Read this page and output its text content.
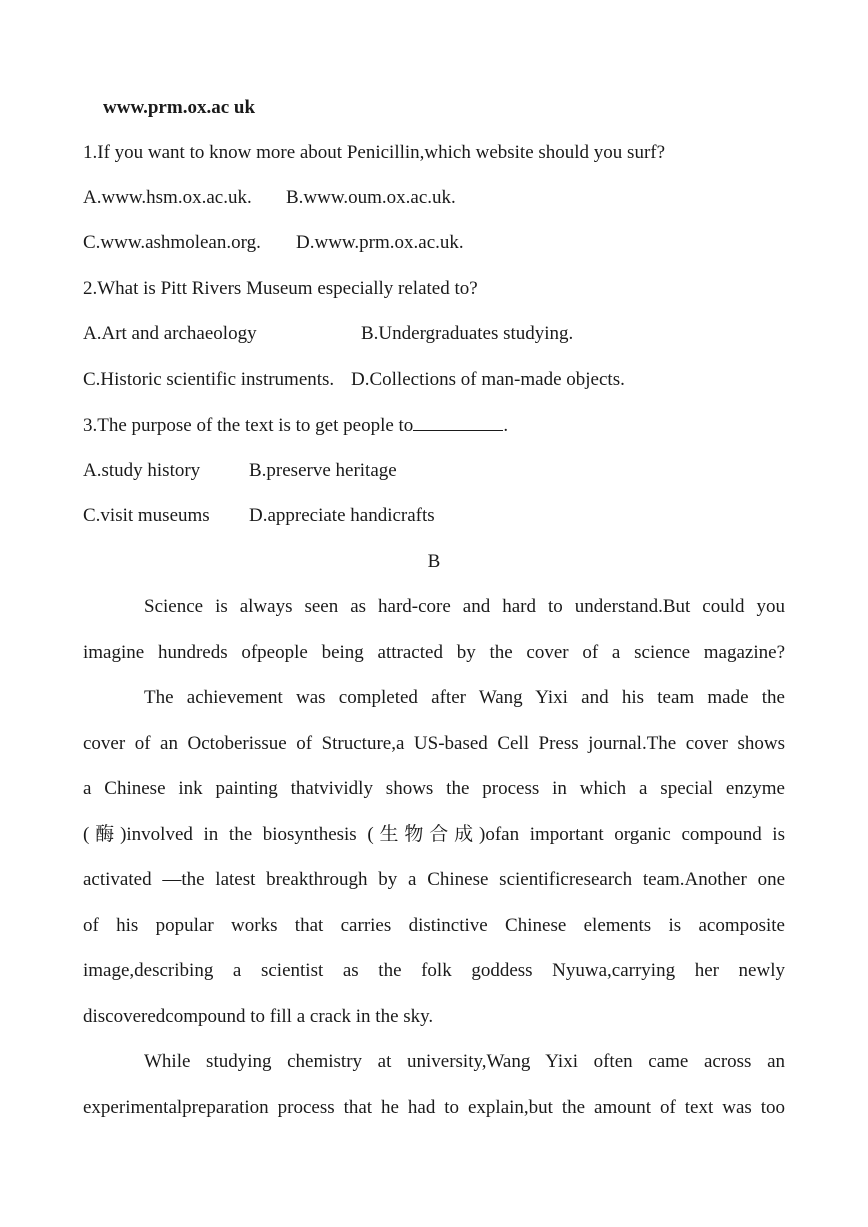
www.prm.ox.ac uk
1.If you want to know more about Penicillin,which website should you surf?
A.www.hsm.ox.ac.uk. B.www.oum.ox.ac.uk.
C.www.ashmolean.org. D.www.prm.ox.ac.uk.
2.What is Pitt Rivers Museum especially related to?
A.Art and archaeology	B.Undergraduates studying.
C.Historic scientific instruments. D.Collections of man-made objects.
3.The purpose of the text is to get people to	.
A.study history	B.preserve heritage
C.visit museums D.appreciate handicrafts
B
Science is always seen as hard-core and hard to understand.But could you
imagine hundreds ofpeople being attracted by the cover of a science magazine?
The achievement was completed after Wang Yixi and his team made the
cover of an Octoberissue of Structure,a US-based Cell Press journal.The cover shows
a Chinese ink painting thatvividly shows the process in which a special enzyme
(酶)involved in the biosynthesis (生物合成)ofan important organic compound is
activated —the latest breakthrough by a Chinese scientificresearch team.Another one
of his popular works that carries distinctive Chinese elements is acomposite
image,describing a scientist as the folk goddess Nyuwa,carrying her newly
discoveredcompound to fill a crack in the sky.
While studying chemistry at university,Wang Yixi often came across an
experimentalpreparation process that he had to explain,but the amount of text was too
